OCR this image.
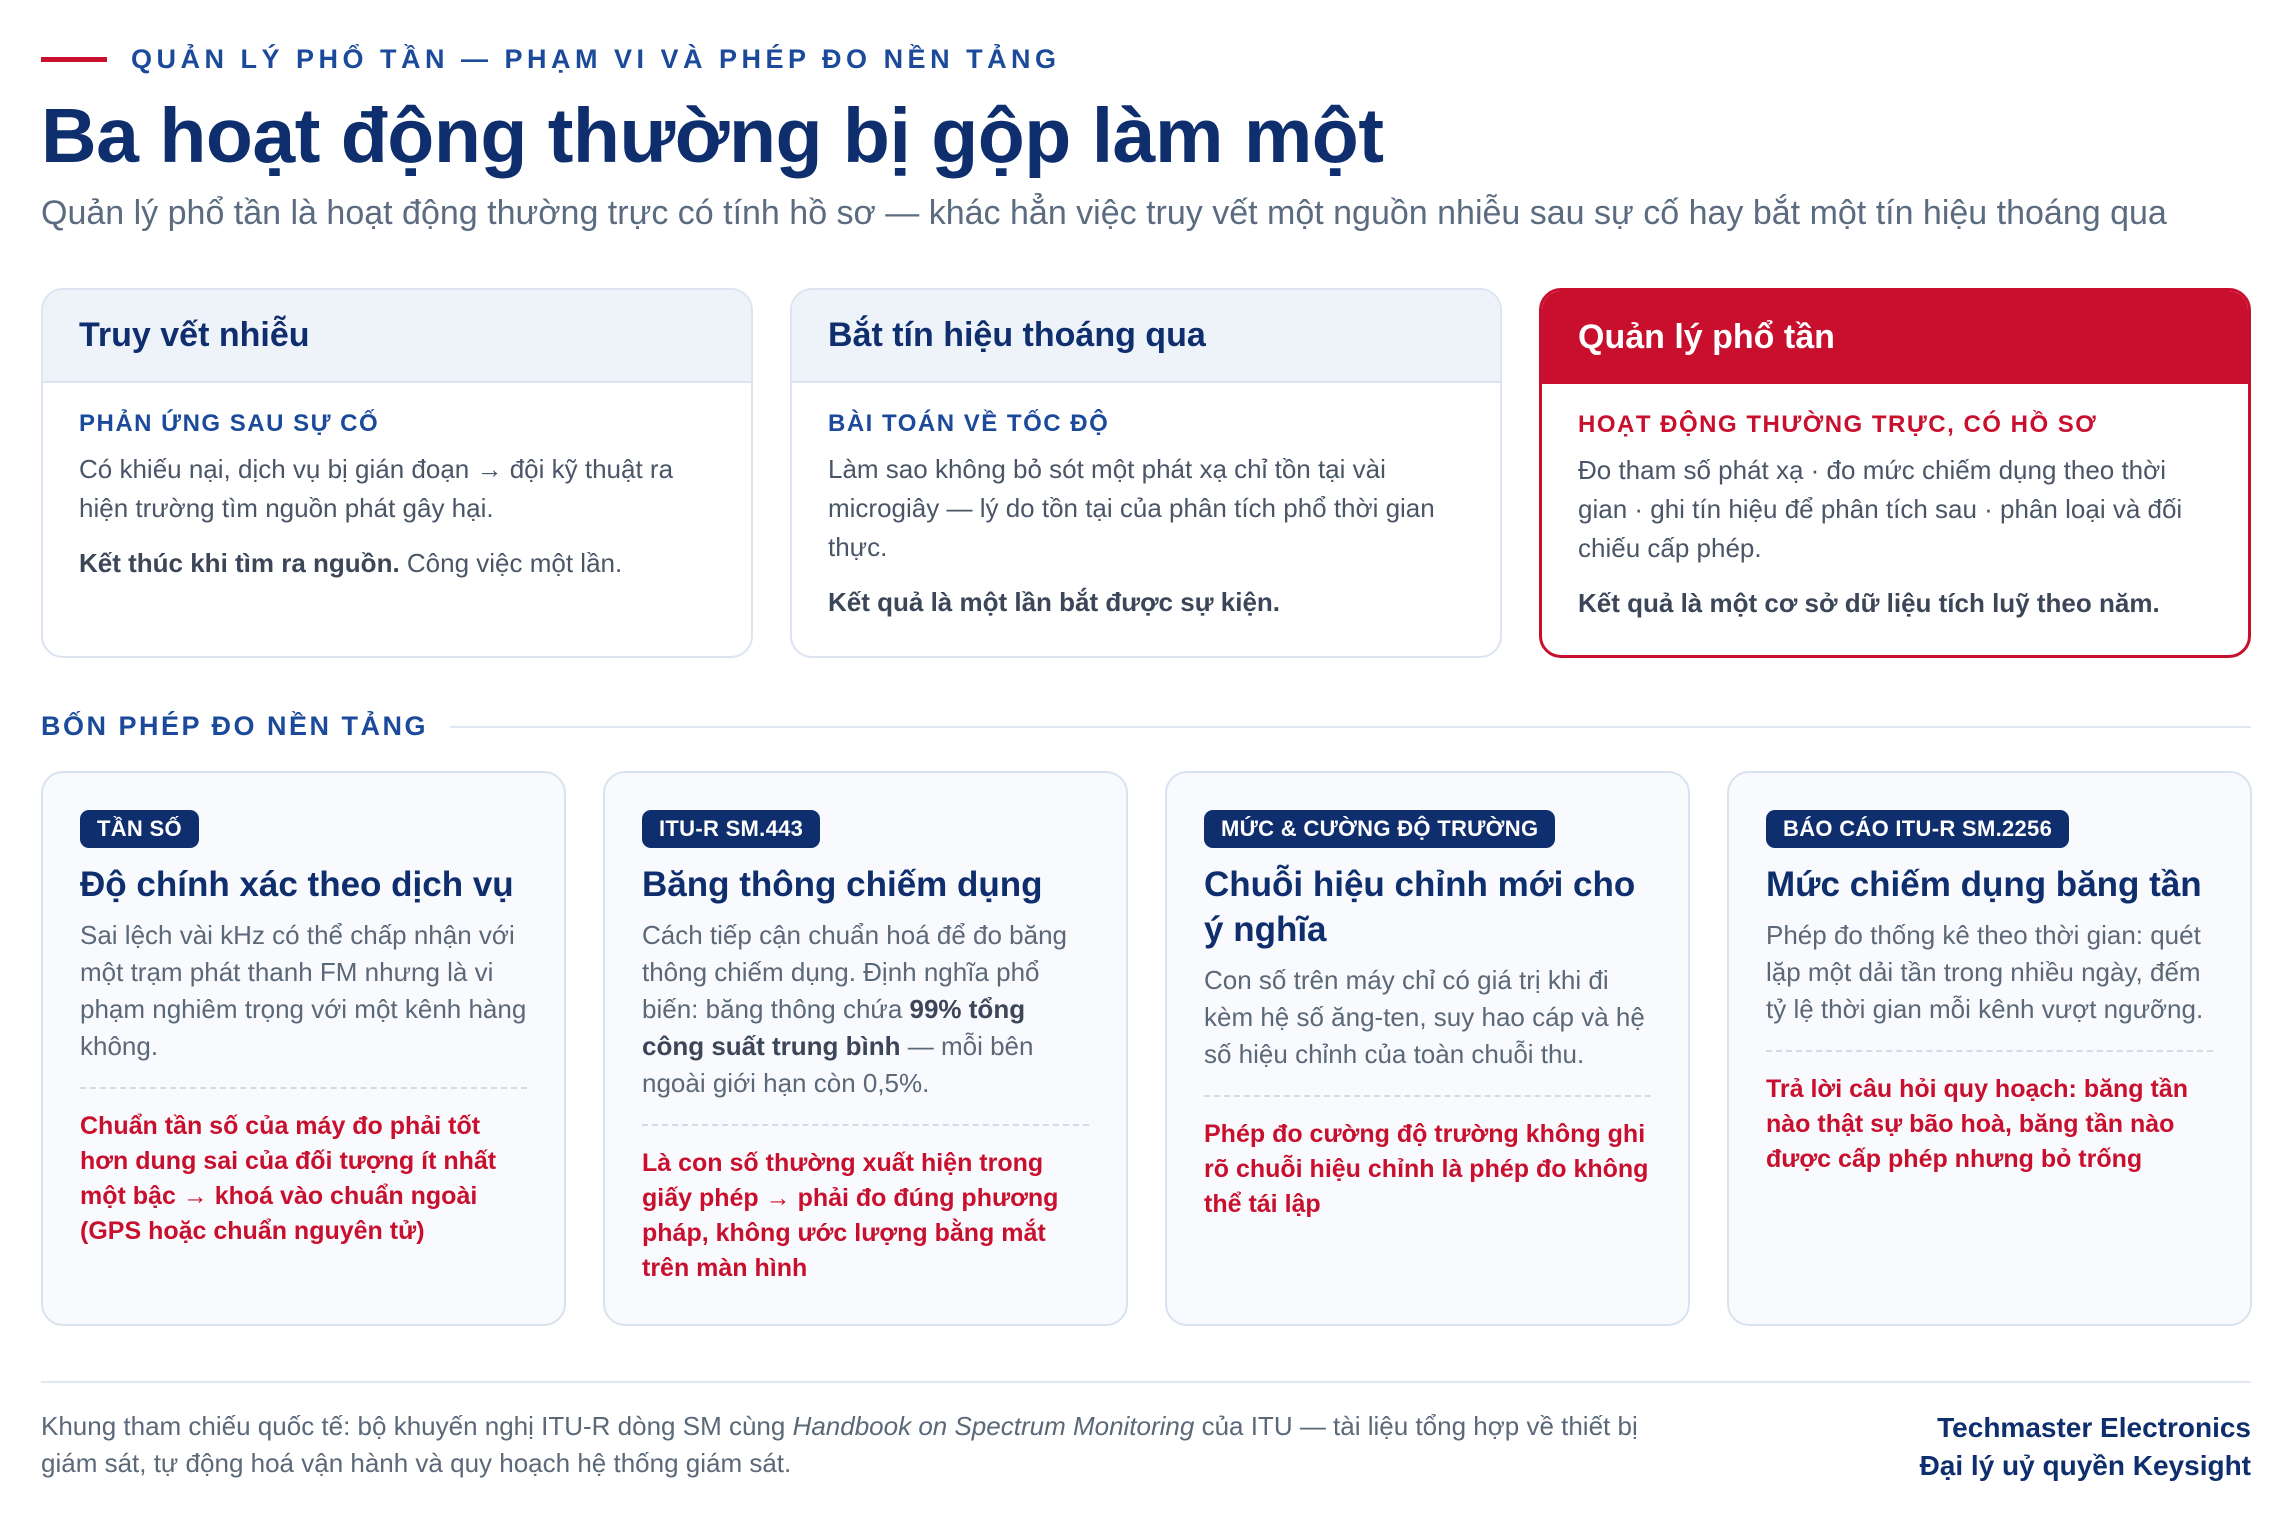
QUẢN LÝ PHỔ TẦN — PHẠM VI VÀ PHÉP ĐO NỀN TẢNG
Ba hoạt động thường bị gộp làm một
Quản lý phổ tần là hoạt động thường trực có tính hồ sơ — khác hẳn việc truy vết một nguồn nhiễu sau sự cố hay bắt một tín hiệu thoáng qua
Truy vết nhiễu
PHẢN ỨNG SAU SỰ CỐ
Có khiếu nại, dịch vụ bị gián đoạn → đội kỹ thuật ra hiện trường tìm nguồn phát gây hại.
Kết thúc khi tìm ra nguồn. Công việc một lần.
Bắt tín hiệu thoáng qua
BÀI TOÁN VỀ TỐC ĐỘ
Làm sao không bỏ sót một phát xạ chỉ tồn tại vài microgiây — lý do tồn tại của phân tích phổ thời gian thực.
Kết quả là một lần bắt được sự kiện.
Quản lý phổ tần
HOẠT ĐỘNG THƯỜNG TRỰC, CÓ HỒ SƠ
Đo tham số phát xạ · đo mức chiếm dụng theo thời gian · ghi tín hiệu để phân tích sau · phân loại và đối chiếu cấp phép.
Kết quả là một cơ sở dữ liệu tích luỹ theo năm.
BỐN PHÉP ĐO NỀN TẢNG
TẦN SỐ
Độ chính xác theo dịch vụ
Sai lệch vài kHz có thể chấp nhận với một trạm phát thanh FM nhưng là vi phạm nghiêm trọng với một kênh hàng không.
Chuẩn tần số của máy đo phải tốt hơn dung sai của đối tượng ít nhất một bậc → khoá vào chuẩn ngoài (GPS hoặc chuẩn nguyên tử)
ITU-R SM.443
Băng thông chiếm dụng
Cách tiếp cận chuẩn hoá để đo băng thông chiếm dụng. Định nghĩa phổ biến: băng thông chứa 99% tổng công suất trung bình — mỗi bên ngoài giới hạn còn 0,5%.
Là con số thường xuất hiện trong giấy phép → phải đo đúng phương pháp, không ước lượng bằng mắt trên màn hình
MỨC & CƯỜNG ĐỘ TRƯỜNG
Chuỗi hiệu chỉnh mới cho ý nghĩa
Con số trên máy chỉ có giá trị khi đi kèm hệ số ăng-ten, suy hao cáp và hệ số hiệu chỉnh của toàn chuỗi thu.
Phép đo cường độ trường không ghi rõ chuỗi hiệu chỉnh là phép đo không thể tái lập
BÁO CÁO ITU-R SM.2256
Mức chiếm dụng băng tần
Phép đo thống kê theo thời gian: quét lặp một dải tần trong nhiều ngày, đếm tỷ lệ thời gian mỗi kênh vượt ngưỡng.
Trả lời câu hỏi quy hoạch: băng tần nào thật sự bão hoà, băng tần nào được cấp phép nhưng bỏ trống
Khung tham chiếu quốc tế: bộ khuyến nghị ITU-R dòng SM cùng Handbook on Spectrum Monitoring của ITU — tài liệu tổng hợp về thiết bị giám sát, tự động hoá vận hành và quy hoạch hệ thống giám sát.
Techmaster Electronics
Đại lý uỷ quyền Keysight
